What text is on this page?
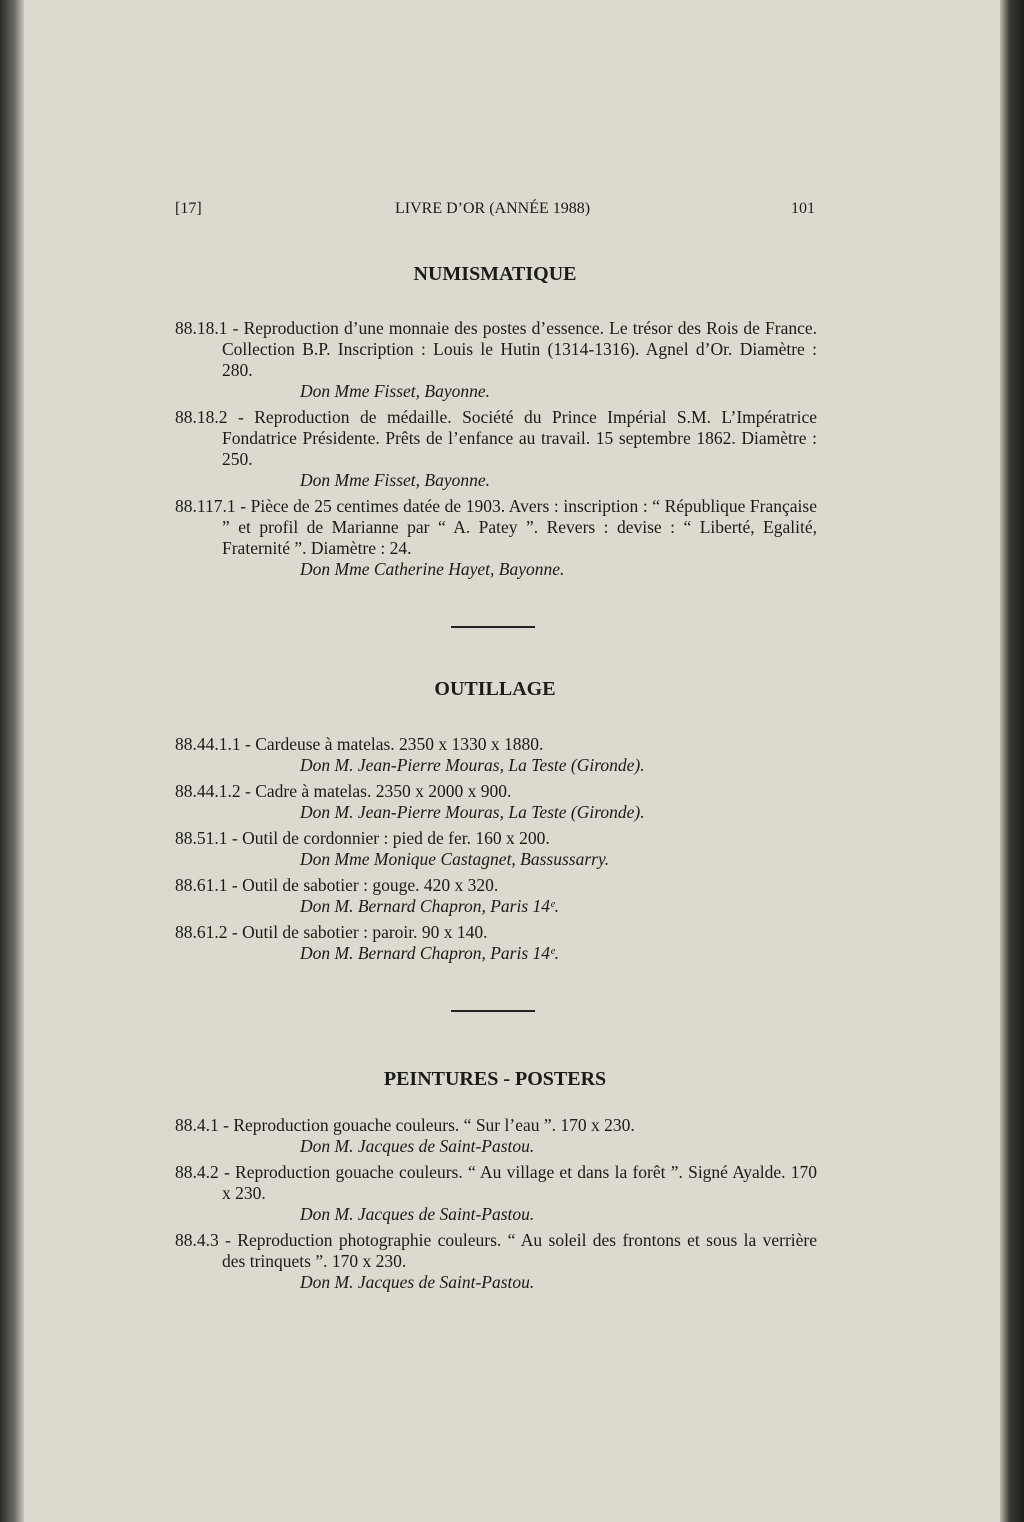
[17]	LIVRE D’OR (ANNÉE 1988)	101
NUMISMATIQUE
88.18.1 - Reproduction d’une monnaie des postes d’essence. Le trésor des Rois de France. Collection B.P. Inscription : Louis le Hutin (1314-1316). Agnel d’Or. Diamètre : 280.
Don Mme Fisset, Bayonne.
88.18.2 - Reproduction de médaille. Société du Prince Impérial S.M. L’Impératrice Fondatrice Présidente. Prêts de l’enfance au travail. 15 septembre 1862. Diamètre : 250.
Don Mme Fisset, Bayonne.
88.117.1 - Pièce de 25 centimes datée de 1903. Avers : inscription : “ République Française ” et profil de Marianne par “ A. Patey ”. Revers : devise : “ Liberté, Egalité, Fraternité ”. Diamètre : 24.
Don Mme Catherine Hayet, Bayonne.
OUTILLAGE
88.44.1.1 - Cardeuse à matelas. 2350 x 1330 x 1880.
Don M. Jean-Pierre Mouras, La Teste (Gironde).
88.44.1.2 - Cadre à matelas. 2350 x 2000 x 900.
Don M. Jean-Pierre Mouras, La Teste (Gironde).
88.51.1 - Outil de cordonnier : pied de fer. 160 x 200.
Don Mme Monique Castagnet, Bassussarry.
88.61.1 - Outil de sabotier : gouge. 420 x 320.
Don M. Bernard Chapron, Paris 14ᵉ.
88.61.2 - Outil de sabotier : paroir. 90 x 140.
Don M. Bernard Chapron, Paris 14ᵉ.
PEINTURES - POSTERS
88.4.1 - Reproduction gouache couleurs. “ Sur l’eau ”. 170 x 230.
Don M. Jacques de Saint-Pastou.
88.4.2 - Reproduction gouache couleurs. “ Au village et dans la forêt ”. Signé Ayalde. 170 x 230.
Don M. Jacques de Saint-Pastou.
88.4.3 - Reproduction photographie couleurs. “ Au soleil des frontons et sous la verrière des trinquets ”. 170 x 230.
Don M. Jacques de Saint-Pastou.
